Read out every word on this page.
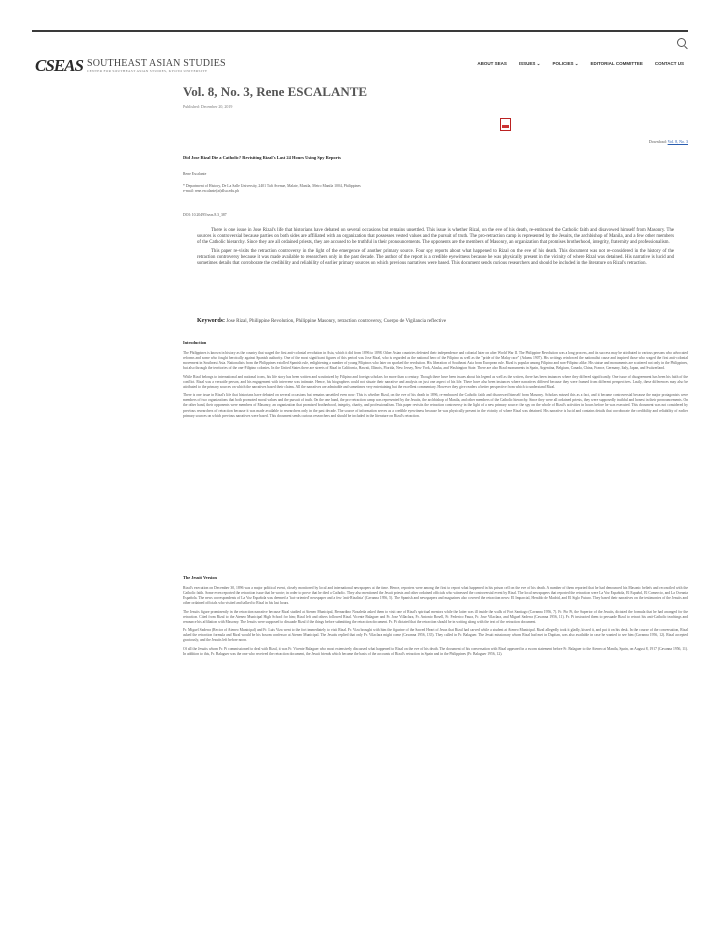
CSEAS SOUTHEAST ASIAN STUDIES
CENTER FOR SOUTHEAST ASIAN STUDIES, KYOTO UNIVERSITY
ABOUT SEAS	ISSUES ⌄	POLICIES ⌄	EDITORIAL COMMITTEE	CONTACT US
Vol. 8, No. 3, Rene ESCALANTE
Published: December 20, 2019
Download: Vol. 8, No. 3
Did Jose Rizal Die a Catholic? Revisiting Rizal's Last 24 Hours Using Spy Reports
Rene Escalante
* Department of History, De La Salle University, 2401 Taft Avenue, Malate, Manila, Metro Manila 1004, Philippines
e-mail: rene.escalante(at)dlsu.edu.ph
DOI: 10.20495/seas.8.3_387

There is one issue in Jose Rizal's life that historians have debated on several occasions but remains unsettled. This issue is whether Rizal, on the eve of his death, re-embraced the Catholic faith and disavowed himself from Masonry. The sources is controversial because parties on both sides are affiliated with an organization that possesses vested values and the pursuit of truth. The pro-retraction camp is represented by the Jesuits, the archbishop of Manila, and a few other members of the Catholic hierarchy. Since they are all ordained priests, they are accused to be truthful in their pronouncements. The opponents are the members of Masonry, an organization that promises brotherhood, integrity, fraternity and professionalism.

This paper re-visits the retraction controversy in the light of the emergence of another primary source. Four spy reports about what happened to Rizal on the eve of his death. This document was not re-considered in the history of the retraction controversy because it was made available to researchers only in the past decade. The author of the report is a credible eyewitness because he was physically present in the vicinity of where Rizal was detained. His narrative is lucid and sometimes details that corroborate the credibility and reliability of earlier primary sources on which previous narratives were based. This document sends curious researchers and should be included in the literature on Rizal's retraction.

Keywords: Jose Rizal, Philippine Revolution, Philippine Masonry, retraction controversy, Cuerpo de Vigilancia reflective
Introduction

The Philippines is known in history as the country that waged the first anti-colonial revolution in Asia, which it did from 1896 to 1898. Other Asian countries defeated their independence and colonial later on after World War II. The Philippine Revolution was a long process, and its success may be attributed to various persons who advocated reforms and some who fought heroically against Spanish authority. One of the most significant figures of this period was Jose Rizal, who is regarded as the national hero of the Filipino as well as the "pride of the Malay race" (Adams 1907). His writings reinforced the nationalist cause and inspired those who waged the first anti-colonial movement in Southeast Asia. Nationalists from the Philippines extolled Spanish rule, enlightening a number of young Filipinos who later on sparked the revolution. His liberation of Southeast Asia from European rule. Rizal is popular among Filipino and non-Filipino alike. His statue and monuments are scattered not only in the Philippines, but also through the territories of the one-Filipino colonies. In the United States there are streets of Rizal in California, Hawaii, Illinois, Florida, New Jersey, New York, Alaska, and Washington State. There are also Rizal monuments in Spain, Argentina, Belgium, Canada, China, France, Germany, Italy, Japan, and Switzerland.

While Rizal belongs to international and national icons, his life story has been written and scrutinized by Filipino and foreign scholars for more than a century. Though there have been issues about his legend as well as the writers, there has been instances where they differed significantly. One issue of disagreement has been his faith of the conflict. Rizal was a versatile person, and his engagement with intervene was intimate. Hence, his biographers could not situate their narrative and analysis on just one aspect of his life. There have also been instances where narratives differed because they were framed from different perspectives. Lastly, these differences may also be attributed to the primary sources on which the narratives based their claims. All the narratives are admirable and sometimes very entertaining but the excellent commentary. However they give readers a better perspective from which to understand Rizal.

There is one issue in Rizal's life that historians have debated on several occasions but remains unsettled even now: This is whether Rizal, on the eve of his death in 1896, re-embraced the Catholic faith and disavowed himself from Masonry. Scholars missed this as a fact, and it became controversial because the major protagonists were members of two organizations that both promoted moral values and the pursuit of truth. On the one hand, the pro-retraction camp was represented by the Jesuits, the archbishop of Manila, and other members of the Catholic hierarchy. Since they were all ordained priests, they were supposedly truthful and honest in their pronouncements. On the other hand, their opponents were members of Masonry, an organization that promised brotherhood, integrity, charity, and professionalism. This paper revisits the retraction controversy in the light of a new primary source: the spy on the whole of Rizal's activities in hours before he was executed. This document was not considered by previous researchers of retraction because it was made available to researchers only in the past decade. The source of information serves as a credible eyewitness because he was physically present in the vicinity of where Rizal was detained. His narrative is lucid and contains details that corroborate the credibility and reliability of earlier primary sources on which previous narratives were based. This document sends curious researchers and should be included in the literature on Rizal's retraction.

The Jesuit Version

Rizal's execution on December 30, 1896 was a major political event, closely monitored by local and international newspapers at the time. Hence, reporters were among the first to report what happened in his prison cell on the eve of his death. A number of them reported that he had denounced his Masonic beliefs and reconciled with the Catholic faith. Some even reported the retraction issue that he wrote; in order to prove that he died a Catholic. They also mentioned the Jesuit priests and other ordained officials who witnessed the controversial event by Rizal. The local newspapers that reported the retraction were La Voz Española, El Español, El Comercio, and La Oceania Española. The news correspondents of La Voz Española was deemed a 'fact-oriented' newspaper and a few 'anti-Rizalista' (Cavanna 1956, 5). The Spanish and newspapers and magazines also covered the retraction news: El Imparcial, Heraldo de Madrid, and El Siglo Futuro. They based their narratives on the testimonies of the Jesuits and other ordained officials who visited and talked to Rizal in his last hours.

The Jesuits figure prominently in the retraction narrative because Rizal studied at Ateneo Municipal, Bernardino Nozaleda asked them to visit one of Rizal's spiritual mentors while the latter was ill inside the walls of Fort Santiago (Cavanna 1956, 7). Fr. Pio Pi, the Superior of the Jesuits, dictated the formula that he had arranged for the retraction. Cited from Rizal to the Ateneo Municipal High School for him; Rizal left and others followed Rizal. Vicente Balaguer and Fr. Jose Villaclara, Fr. Antonio Rosell, Fr. Federico Faura, Fr. Jose Vilaclara, and Miguel Saderra (Cavanna 1956, 11). Fr. Pi instructed them to persuade Rizal to retract his anti-Catholic teachings and renounce his affiliation with Masonry. The Jesuits were supposed to dissuade Rizal if the things before submitting the retraction document. Fr. Pi dictated that the retraction should be in writing along with the text of the retraction document.

Fr. Miguel Saderra (Rector of Ateneo Municipal) and Fr. Luis Viza went to the fort immediately to visit Rizal. Fr. Viza brought with him the figurine of the Sacred Heart of Jesus that Rizal had carved while a student at Ateneo Municipal. Rizal allegedly took it gladly, kissed it, and put it on his desk. In the course of the conversation, Rizal asked the retraction formula and Rizal would be his bosom confessor at Ateneo Municipal. The Jesuits replied that only Fr. Vilaclara might come (Cavanna 1956, 135). They called in Fr. Balaguer. The Jesuit missionary whom Rizal had met in Dapitan, was also available in case he wanted to see him (Cavanna 1956, 12). Rizal accepted graciously, and the Jesuits left before noon.

Of all the Jesuits whom Fr. Pi commissioned to deal with Rizal, it was Fr. Vicente Balaguer who most extensively discussed what happened to Rizal on the eve of his death. The document of his conversation with Rizal appeared in a sworn statement before Fr. Balaguer to the Ateneo at Manila, Spain, on August 8, 1917 (Cavanna 1956, 11). In addition to this, Fr. Balaguer was the one who received the retraction document, the Jesuit friends which became the basis of the accounts of Rizal's retraction in Spain and in the Philippines (Fr. Balaguer 1956, 12).
